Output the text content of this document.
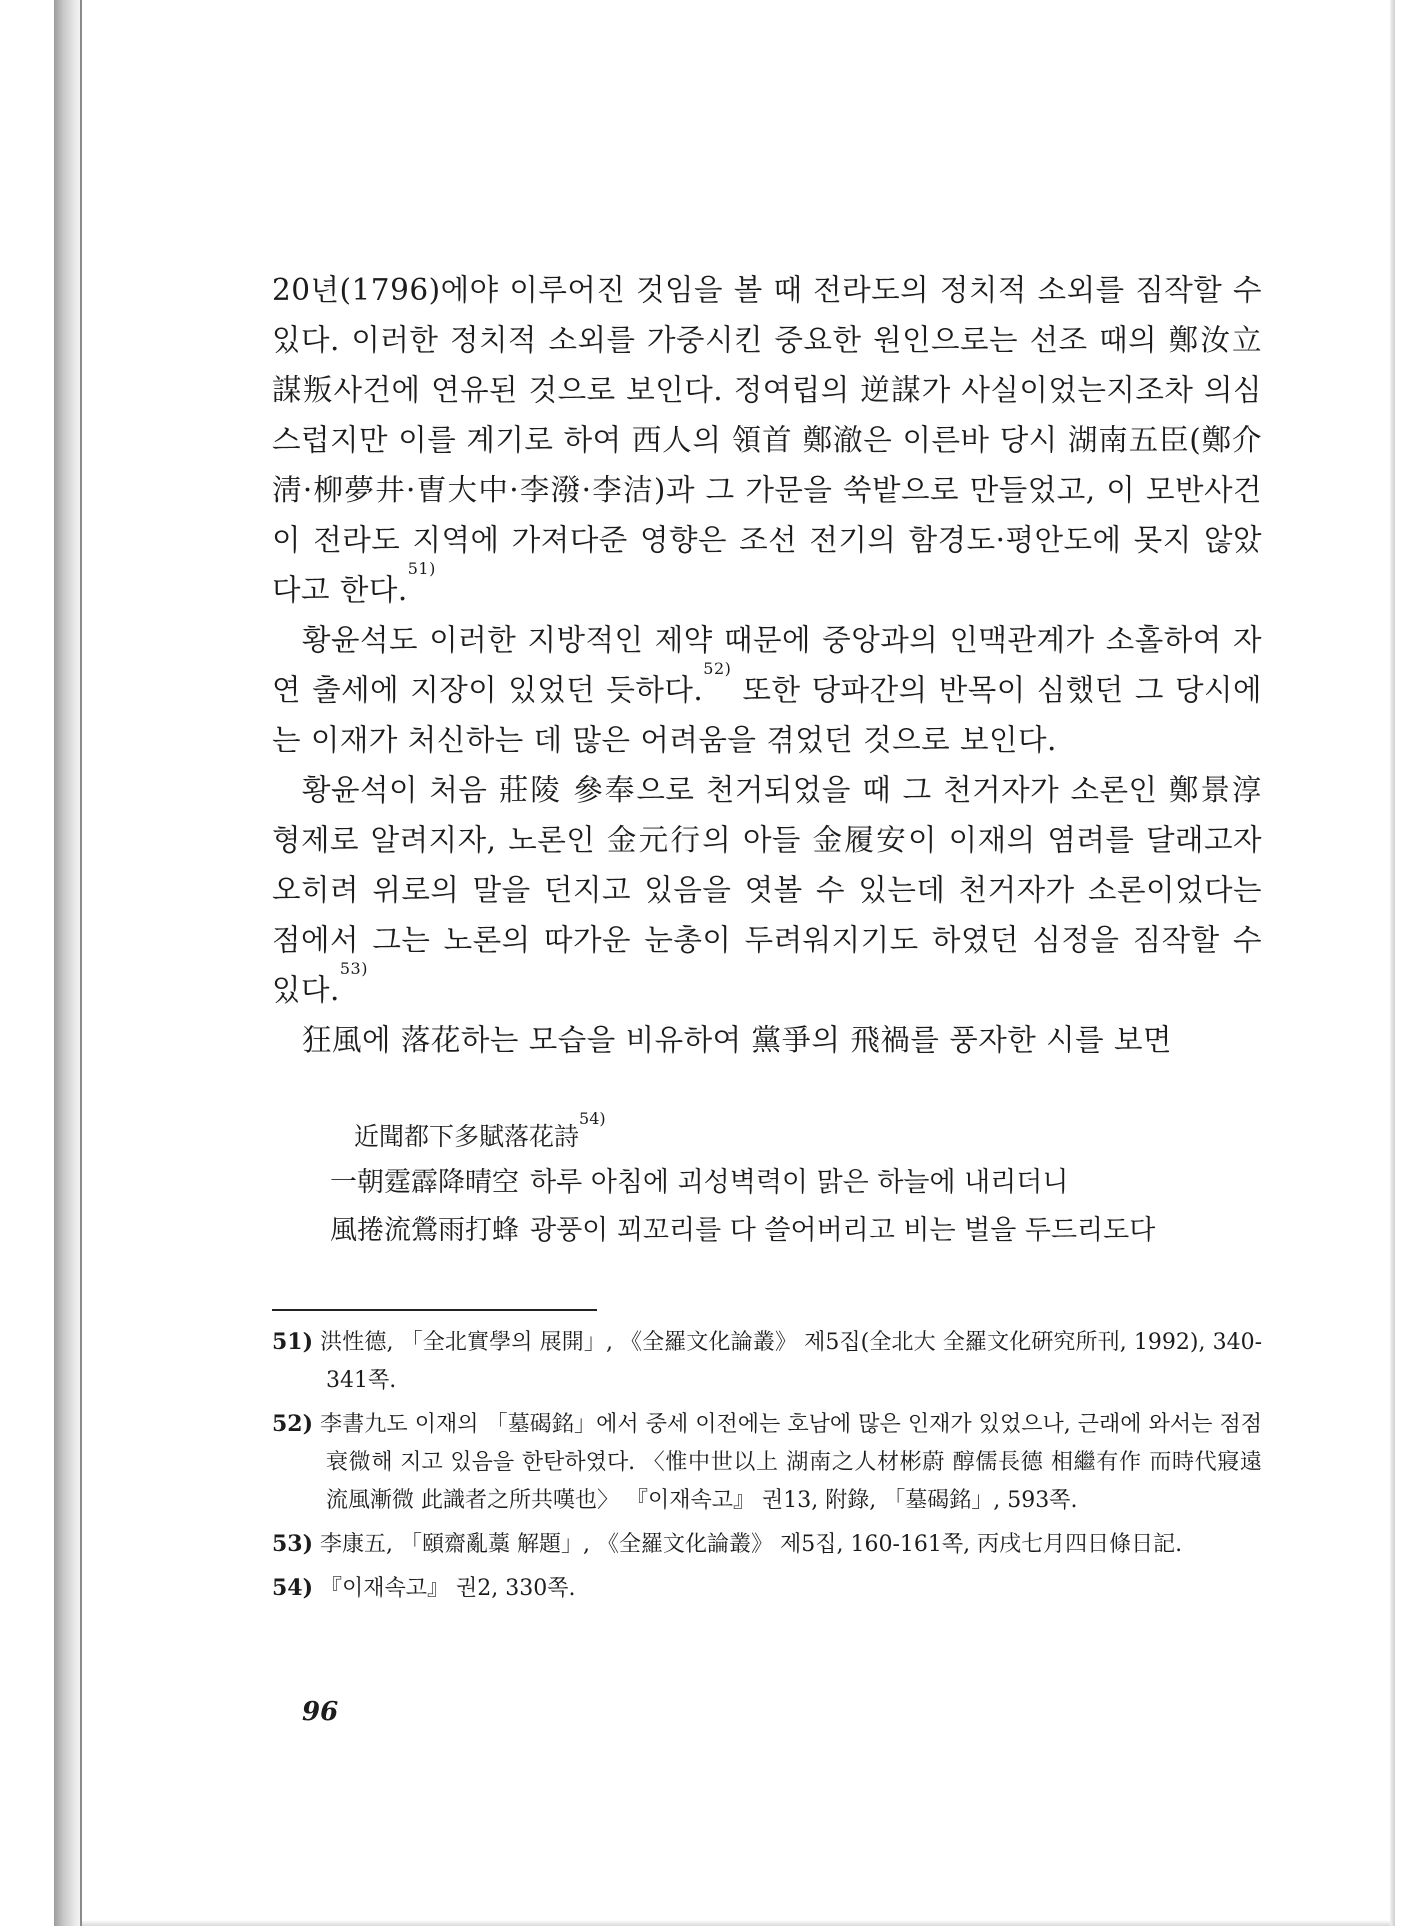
20년(1796)에야 이루어진 것임을 볼 때 전라도의 정치적 소외를 짐작할 수 있다. 이러한 정치적 소외를 가중시킨 중요한 원인으로는 선조 때의 鄭汝立 謀叛사건에 연유된 것으로 보인다. 정여립의 逆謀가 사실이었는지조차 의심스럽지만 이를 계기로 하여 西人의 領首 鄭澈은 이른바 당시 湖南五臣(鄭介淸·柳夢井·曺大中·李潑·李洁)과 그 가문을 쑥밭으로 만들었고, 이 모반사건이 전라도 지역에 가져다준 영향은 조선 전기의 함경도·평안도에 못지 않았다고 한다.$^{51)}$

황윤석도 이러한 지방적인 제약 때문에 중앙과의 인맥관계가 소홀하여 자연 출세에 지장이 있었던 듯하다.$^{52)}$ 또한 당파간의 반목이 심했던 그 당시에는 이재가 처신하는 데 많은 어려움을 겪었던 것으로 보인다.

황윤석이 처음 莊陵 參奉으로 천거되었을 때 그 천거자가 소론인 鄭景淳 형제로 알려지자, 노론인 金元行의 아들 金履安이 이재의 염려를 달래고자 오히려 위로의 말을 던지고 있음을 엿볼 수 있는데 천거자가 소론이었다는 점에서 그는 노론의 따가운 눈총이 두려워지기도 하였던 심정을 짐작할 수 있다.$^{53)}$

狂風에 落花하는 모습을 비유하여 黨爭의 飛禍를 풍자한 시를 보면

近聞都下多賦落花詩$^{54)}$

一朝霆霹降晴空 하루 아침에 괴성벽력이 맑은 하늘에 내리더니
風捲流鶯雨打蜂 광풍이 꾀꼬리를 다 쓸어버리고 비는 벌을 두드리도다

51) 洪性德, 「全北實學의 展開」, 《全羅文化論叢》 제5집(全北大 全羅文化硏究所刊, 1992), 340-341쪽.

52) 李書九도 이재의 「墓碣銘」에서 중세 이전에는 호남에 많은 인재가 있었으나, 근래에 와서는 점점 衰微해 지고 있음을 한탄하였다. 〈惟中世以上 湖南之人材彬蔚 醇儒長德 相繼有作 而時代寢遠 流風漸微 此識者之所共嘆也〉 『이재속고』 권13, 附錄, 「墓碣銘」, 593쪽.

53) 李康五, 「頤齋亂藁 解題」, 《全羅文化論叢》 제5집, 160-161쪽, 丙戌七月四日條日記.

54) 『이재속고』 권2, 330쪽.

96
